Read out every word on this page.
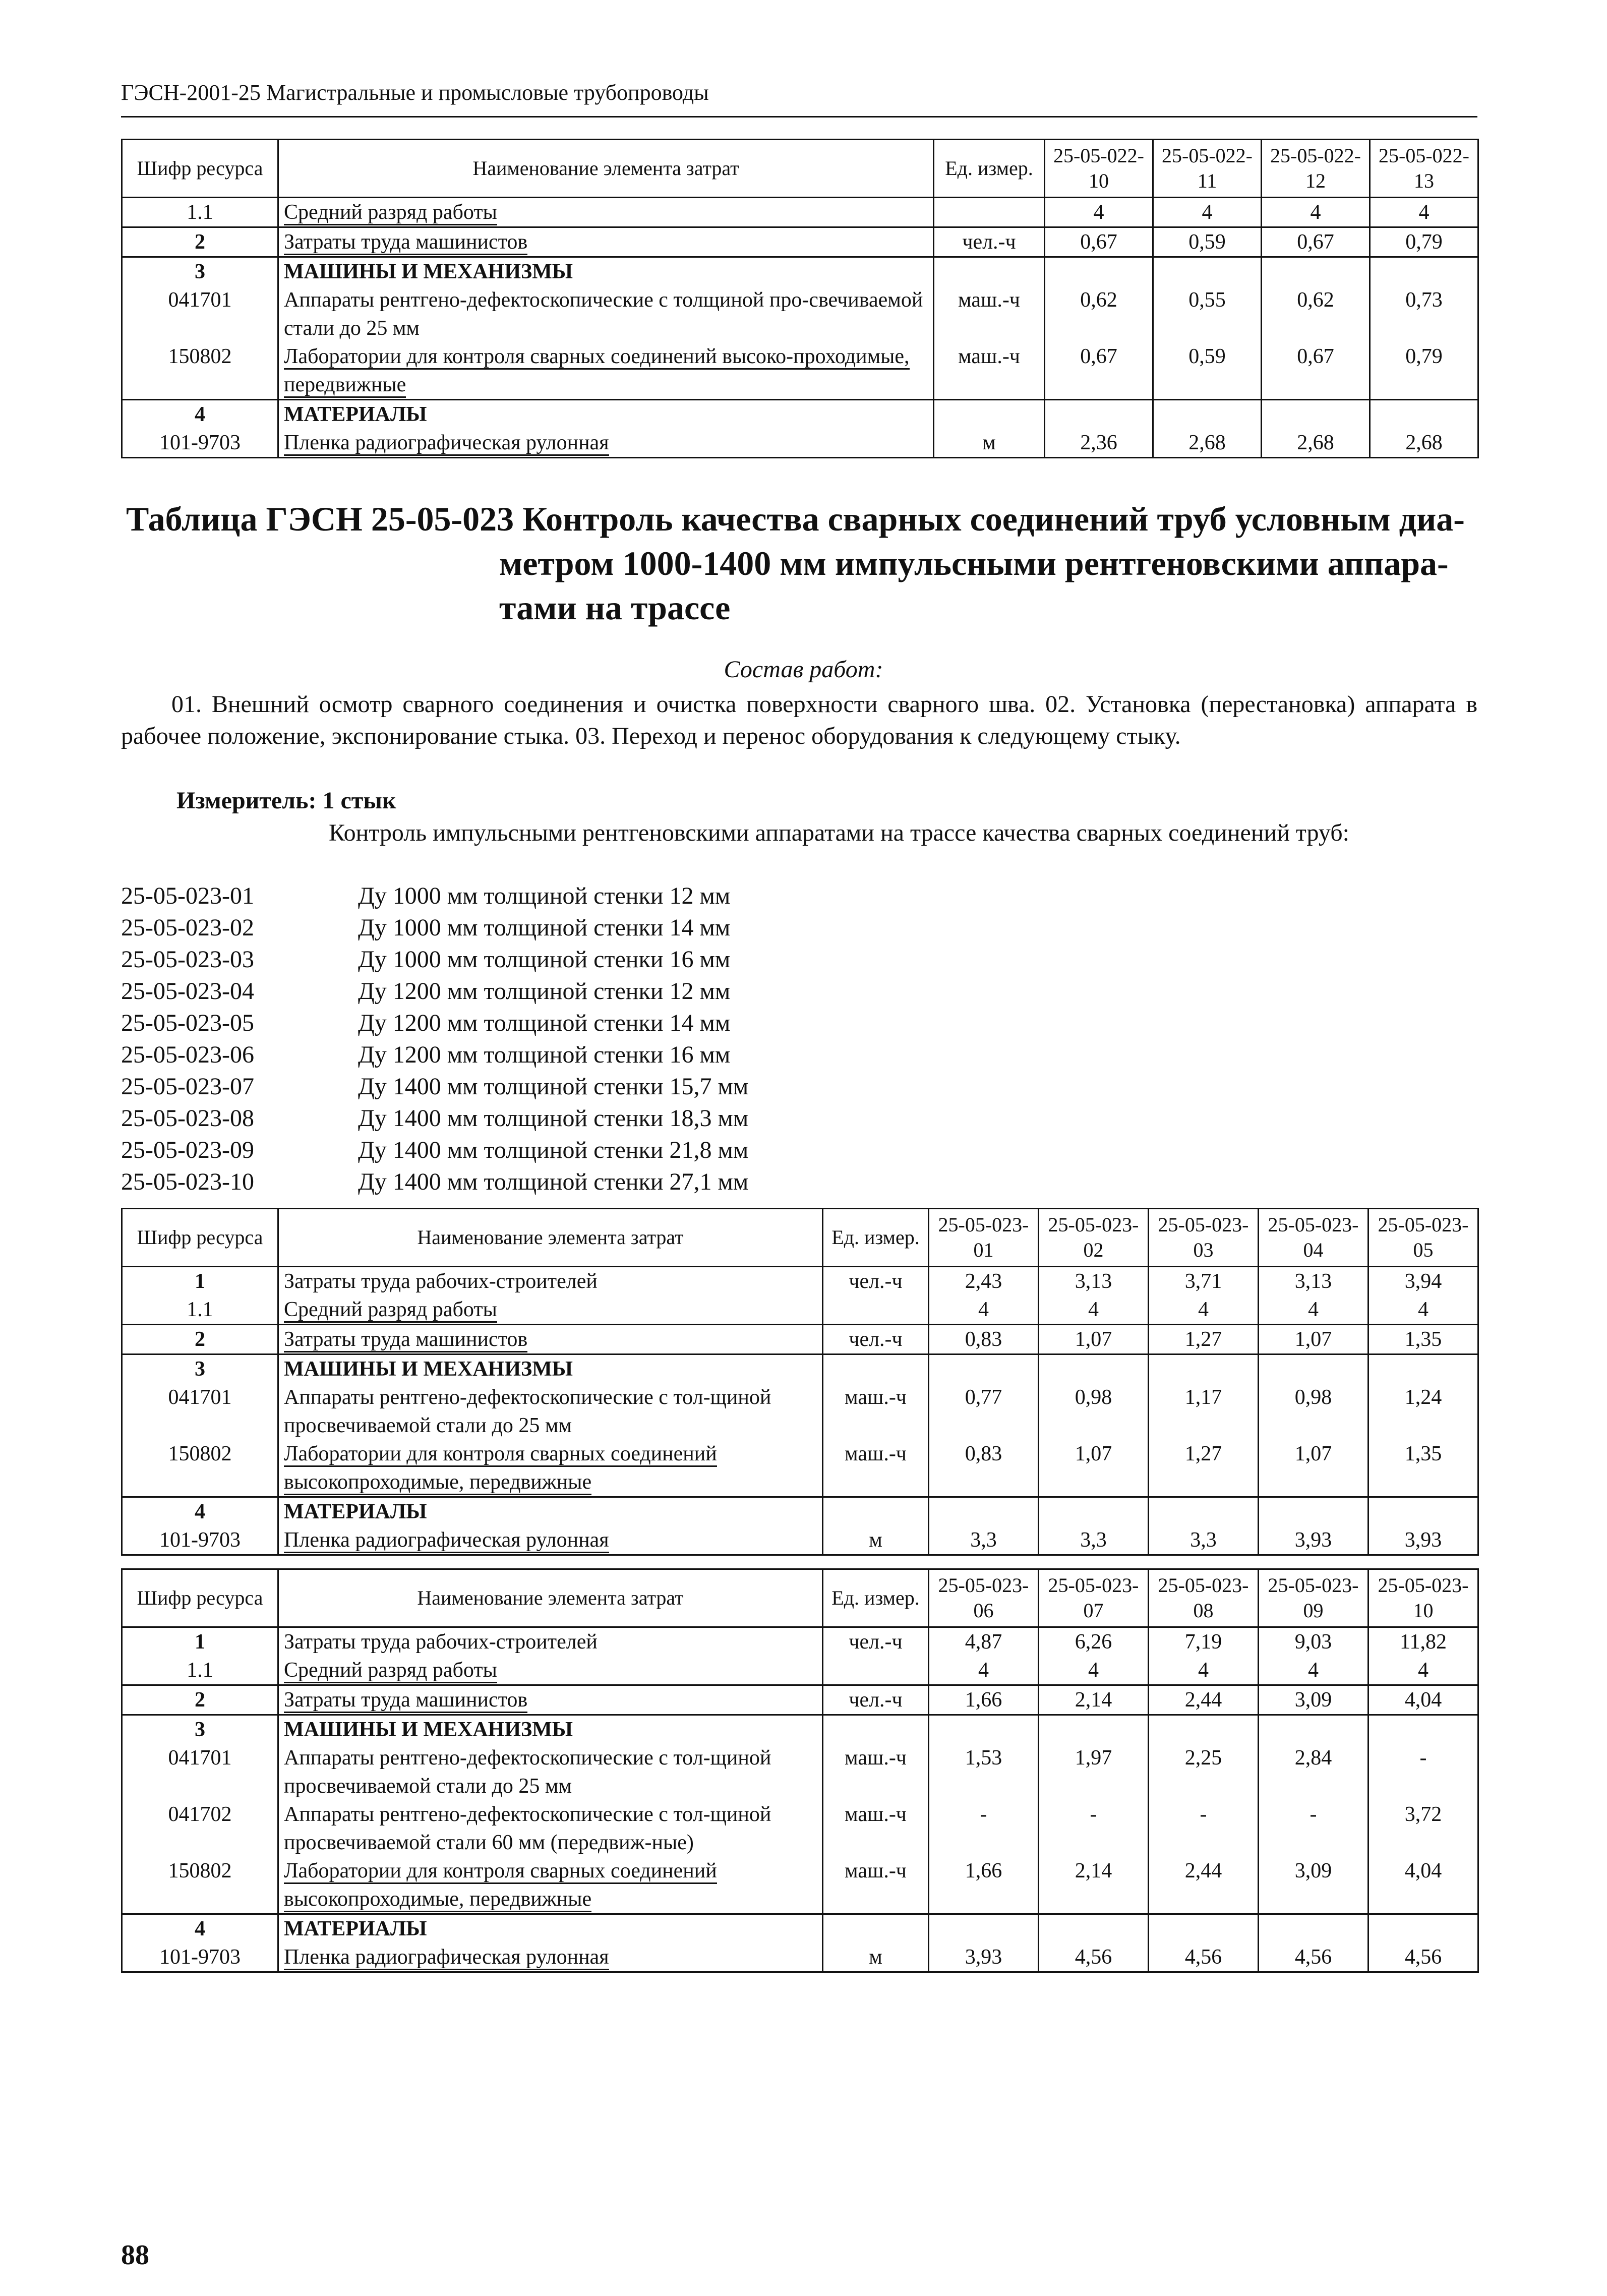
ГЭСН-2001-25 Магистральные и промысловые трубопроводы
Шифр ресурса	Наименование элемента затрат	Ед. измер.	25-05-022-10	25-05-022-11	25-05-022-12	25-05-022-13
1.1	Средний разряд работы		4	4	4	4
2	Затраты труда машинистов	чел.-ч	0,67	0,59	0,67	0,79
3	МАШИНЫ И МЕХАНИЗМЫ					
041701	Аппараты рентгено-дефектоскопические с толщиной про-свечиваемой стали до 25 мм	маш.-ч	0,62	0,55	0,62	0,73
150802	Лаборатории для контроля сварных соединений высоко-проходимые, передвижные	маш.-ч	0,67	0,59	0,67	0,79
4	МАТЕРИАЛЫ					
101-9703	Пленка радиографическая рулонная	м	2,36	2,68	2,68	2,68
Таблица ГЭСН 25-05-023 Контроль качества сварных соединений труб условным диа-
метром 1000-1400 мм импульсными рентгеновскими аппара-
тами на трассе
Состав работ:
01. Внешний осмотр сварного соединения и очистка поверхности сварного шва. 02. Установка (перестановка) аппарата в рабочее положение, экспонирование стыка. 03. Переход и перенос оборудования к следующему стыку.
Измеритель: 1 стык
Контроль импульсными рентгеновскими аппаратами на трассе качества сварных соединений труб:
25-05-023-01	Ду 1000 мм толщиной стенки 12 мм
25-05-023-02	Ду 1000 мм толщиной стенки 14 мм
25-05-023-03	Ду 1000 мм толщиной стенки 16 мм
25-05-023-04	Ду 1200 мм толщиной стенки 12 мм
25-05-023-05	Ду 1200 мм толщиной стенки 14 мм
25-05-023-06	Ду 1200 мм толщиной стенки 16 мм
25-05-023-07	Ду 1400 мм толщиной стенки 15,7 мм
25-05-023-08	Ду 1400 мм толщиной стенки 18,3 мм
25-05-023-09	Ду 1400 мм толщиной стенки 21,8 мм
25-05-023-10	Ду 1400 мм толщиной стенки 27,1 мм
Шифр ресурса	Наименование элемента затрат	Ед. измер.	25-05-023-01	25-05-023-02	25-05-023-03	25-05-023-04	25-05-023-05
1	Затраты труда рабочих-строителей	чел.-ч	2,43	3,13	3,71	3,13	3,94
1.1	Средний разряд работы		4	4	4	4	4
2	Затраты труда машинистов	чел.-ч	0,83	1,07	1,27	1,07	1,35
3	МАШИНЫ И МЕХАНИЗМЫ						
041701	Аппараты рентгено-дефектоскопические с тол-щиной просвечиваемой стали до 25 мм	маш.-ч	0,77	0,98	1,17	0,98	1,24
150802	Лаборатории для контроля сварных соединений высокопроходимые, передвижные	маш.-ч	0,83	1,07	1,27	1,07	1,35
4	МАТЕРИАЛЫ						
101-9703	Пленка радиографическая рулонная	м	3,3	3,3	3,3	3,93	3,93
Шифр ресурса	Наименование элемента затрат	Ед. измер.	25-05-023-06	25-05-023-07	25-05-023-08	25-05-023-09	25-05-023-10
1	Затраты труда рабочих-строителей	чел.-ч	4,87	6,26	7,19	9,03	11,82
1.1	Средний разряд работы		4	4	4	4	4
2	Затраты труда машинистов	чел.-ч	1,66	2,14	2,44	3,09	4,04
3	МАШИНЫ И МЕХАНИЗМЫ						
041701	Аппараты рентгено-дефектоскопические с тол-щиной просвечиваемой стали до 25 мм	маш.-ч	1,53	1,97	2,25	2,84	-
041702	Аппараты рентгено-дефектоскопические с тол-щиной просвечиваемой стали 60 мм (передвиж-ные)	маш.-ч	-	-	-	-	3,72
150802	Лаборатории для контроля сварных соединений высокопроходимые, передвижные	маш.-ч	1,66	2,14	2,44	3,09	4,04
4	МАТЕРИАЛЫ						
101-9703	Пленка радиографическая рулонная	м	3,93	4,56	4,56	4,56	4,56
88
